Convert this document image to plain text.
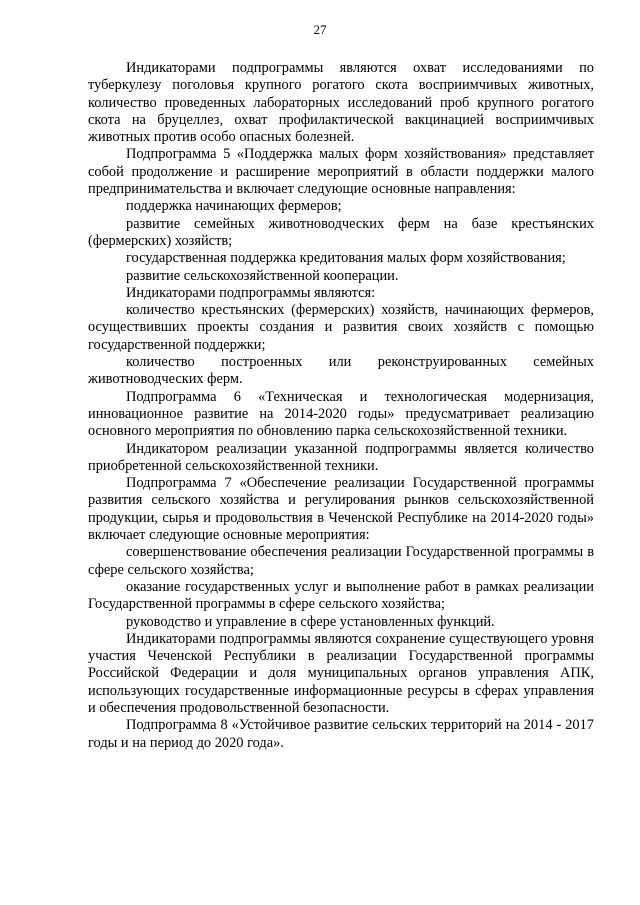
27

Индикаторами подпрограммы являются охват исследованиями по туберкулезу поголовья крупного рогатого скота восприимчивых животных, количество проведенных лабораторных исследований проб крупного рогатого скота на бруцеллез, охват профилактической вакцинацией восприимчивых животных против особо опасных болезней.

Подпрограмма 5 «Поддержка малых форм хозяйствования» представляет собой продолжение и расширение мероприятий в области поддержки малого предпринимательства и включает следующие основные направления:

поддержка начинающих фермеров;

развитие семейных животноводческих ферм на базе крестьянских (фермерских) хозяйств;

государственная поддержка кредитования малых форм хозяйствования;

развитие сельскохозяйственной кооперации.

Индикаторами подпрограммы являются:

количество крестьянских (фермерских) хозяйств, начинающих фермеров, осуществивших проекты создания и развития своих хозяйств с помощью государственной поддержки;

количество построенных или реконструированных семейных животноводческих ферм.

Подпрограмма 6 «Техническая и технологическая модернизация, инновационное развитие на 2014-2020 годы» предусматривает реализацию основного мероприятия по обновлению парка сельскохозяйственной техники.

Индикатором реализации указанной подпрограммы является количество приобретенной сельскохозяйственной техники.

Подпрограмма 7 «Обеспечение реализации Государственной программы развития сельского хозяйства и регулирования рынков сельскохозяйственной продукции, сырья и продовольствия в Чеченской Республике на 2014-2020 годы» включает следующие основные мероприятия:

совершенствование обеспечения реализации Государственной программы в сфере сельского хозяйства;

оказание государственных услуг и выполнение работ в рамках реализации Государственной программы в сфере сельского хозяйства;

руководство и управление в сфере установленных функций.

Индикаторами подпрограммы являются сохранение существующего уровня участия Чеченской Республики в реализации Государственной программы Российской Федерации и доля муниципальных органов управления АПК, использующих государственные информационные ресурсы в сферах управления и обеспечения продовольственной безопасности.

Подпрограмма 8 «Устойчивое развитие сельских территорий на 2014 - 2017 годы и на период до 2020 года».
